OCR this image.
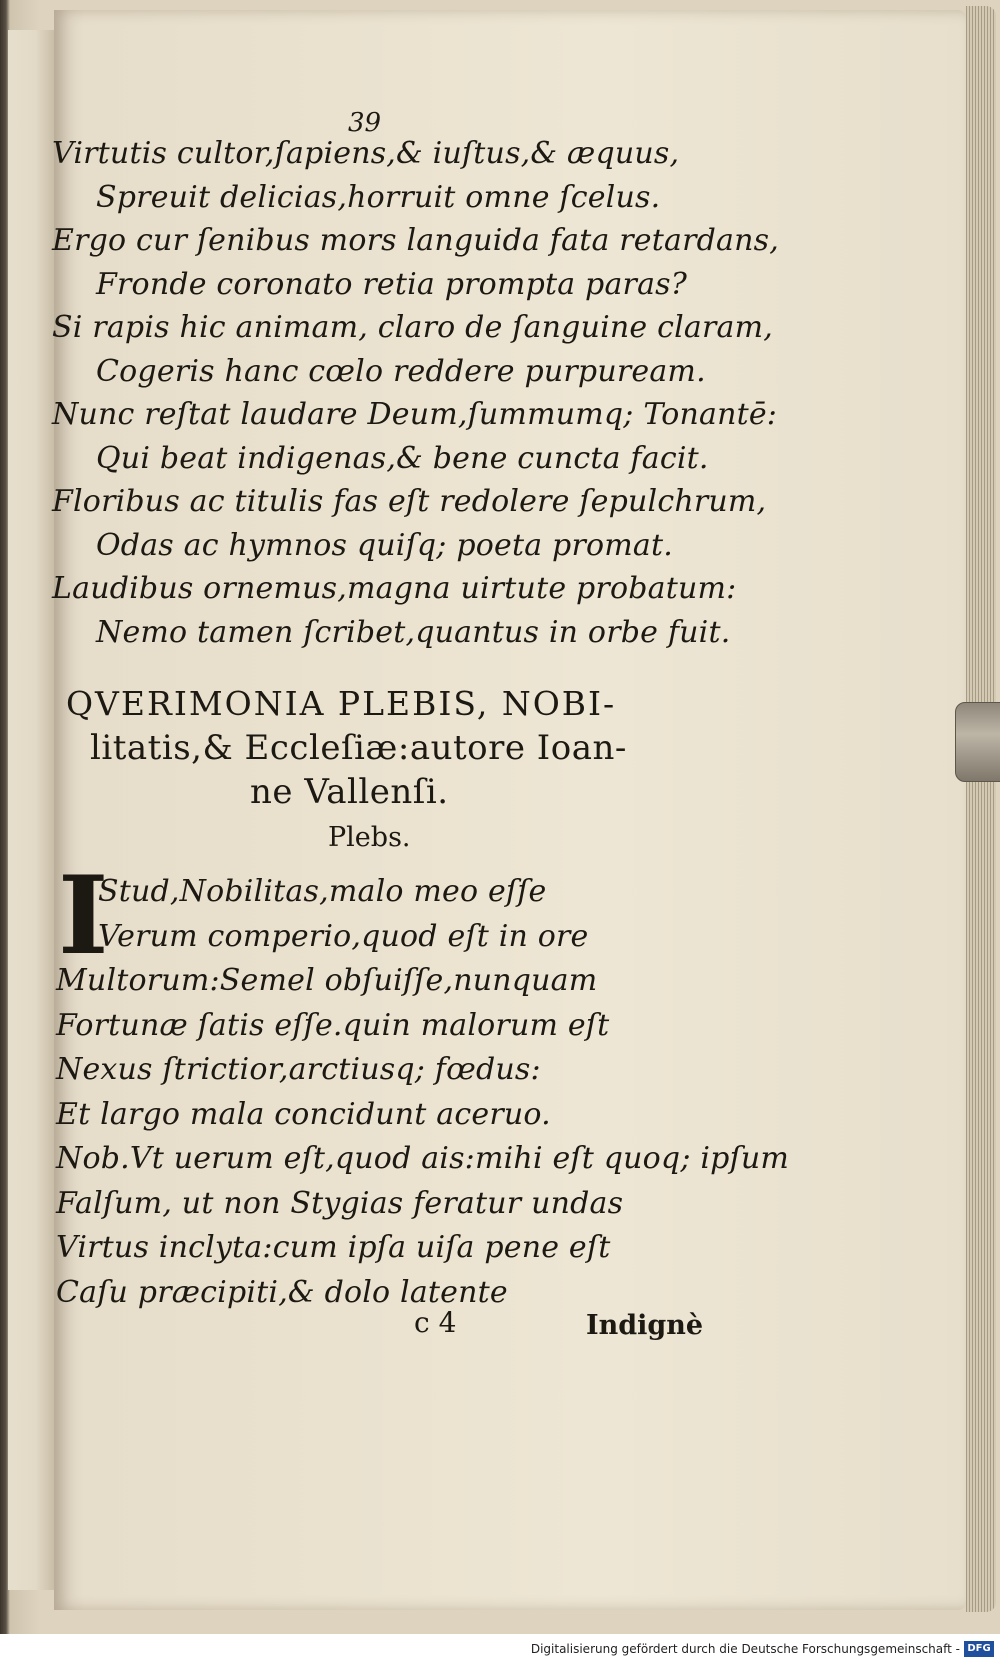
39
Virtutis cultor,ſapiens,& iuſtus,& æquus,
Spreuit delicias,horruit omne ſcelus.
Ergo cur ſenibus mors languida fata retardans,
Fronde coronato retia prompta paras?
Si rapis hic animam, claro de ſanguine claram,
Cogeris hanc cœlo reddere purpuream.
Nunc reſtat laudare Deum,ſummumq; Tonantē:
Qui beat indigenas,& bene cuncta facit.
Floribus ac titulis fas eſt redolere ſepulchrum,
Odas ac hymnos quiſq; poeta promat.
Laudibus ornemus,magna uirtute probatum:
Nemo tamen ſcribet,quantus in orbe fuit.
QVERIMONIA PLEBIS, NOBI-
litatis,& Eccleſiæ:autore Ioan-
ne Vallenſi.
Plebs.
I
Stud,Nobilitas,malo meo eſſe
Verum comperio,quod eſt in ore
Multorum:Semel obſuiſſe,nunquam
Fortunæ ſatis eſſe.quin malorum eſt
Nexus ſtrictior,arctiusq; fœdus:
Et largo mala concidunt aceruo.
Nob.Vt uerum eſt,quod ais:mihi eſt quoq; ipſum
Falſum, ut non Stygias feratur undas
Virtus inclyta:cum ipſa uiſa pene eſt
Caſu præcipiti,& dolo latente
c 4	Indignè
Digitalisierung gefördert durch die Deutsche Forschungsgemeinschaft - DFG
